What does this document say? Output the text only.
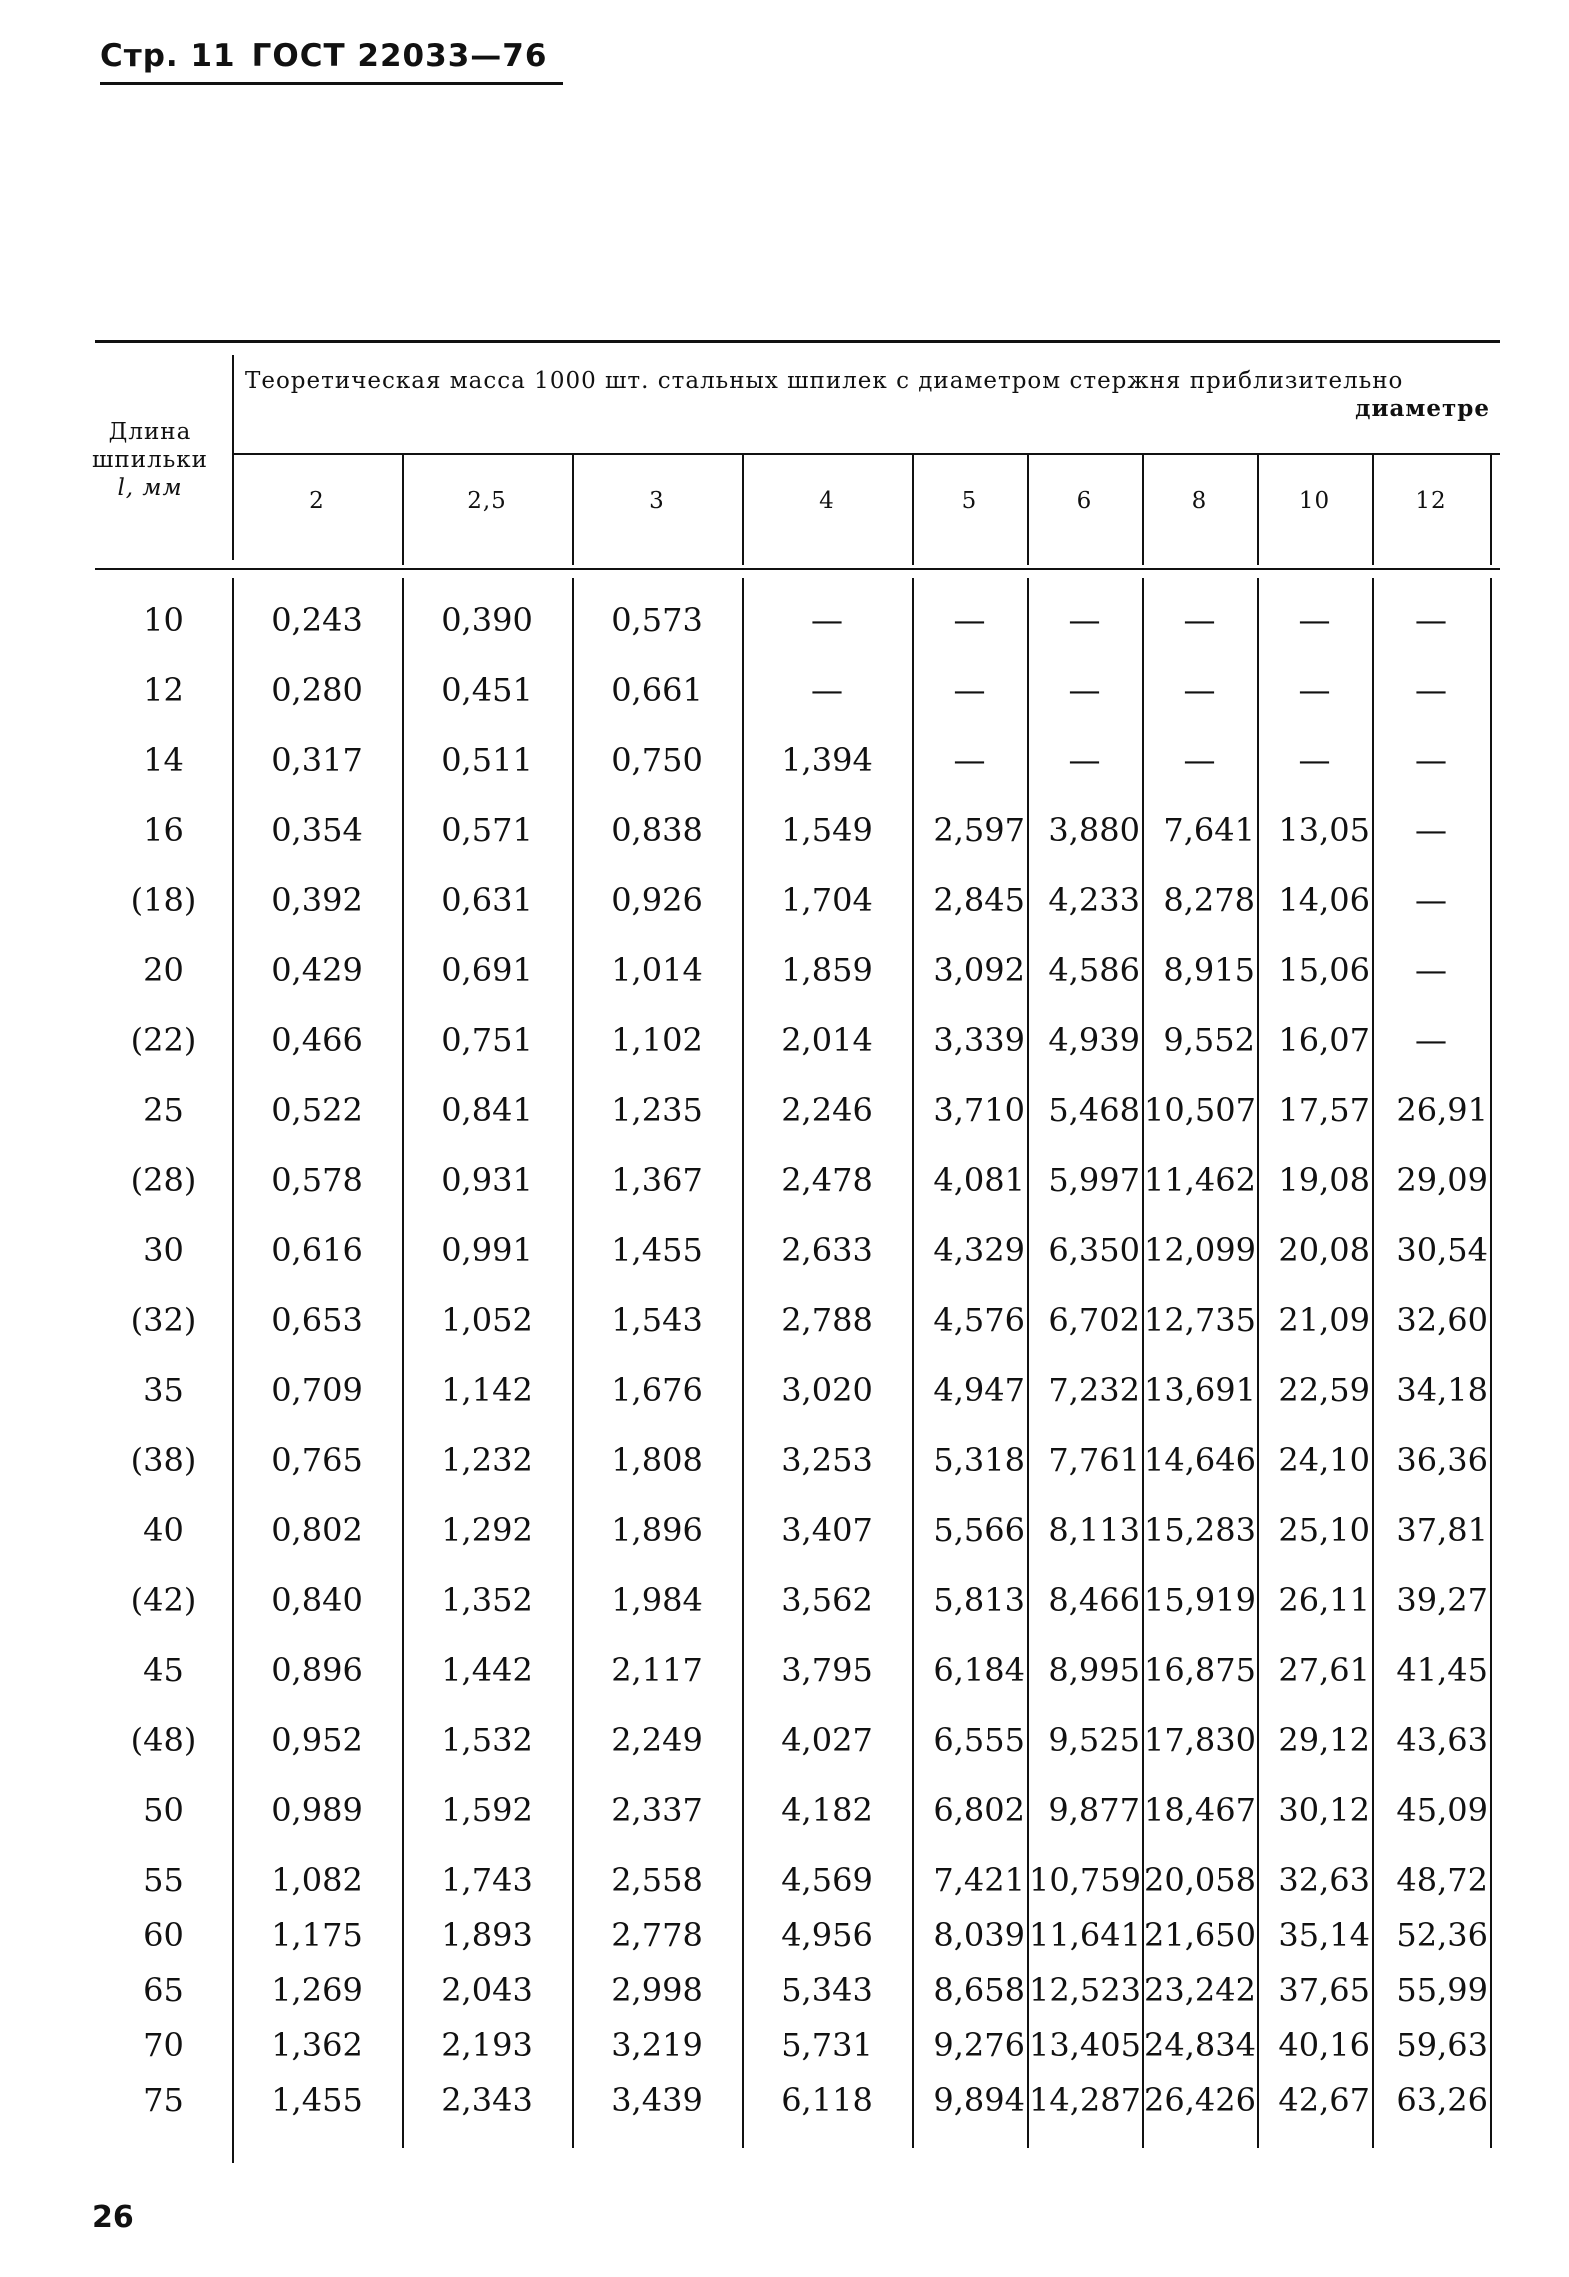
Стр. 11 ГОСТ 22033—76
Длина
шпильки
l, мм
Теоретическая масса 1000 шт. стальных шпилек с диаметром стержня приблизительно
диаметре
2	2,5	3	4	5	6	8	10	12
10	0,243	0,390	0,573	—	—	—	—	—	—
12	0,280	0,451	0,661	—	—	—	—	—	—
14	0,317	0,511	0,750	1,394	—	—	—	—	—
16	0,354	0,571	0,838	1,549	2,597 3,880 7,641 13,05	—
(18)	0,392	0,631	0,926	1,704	2,845 4,233 8,278 14,06	—
20	0,429	0,691	1,014	1,859	3,092 4,586 8,915 15,06	—
(22)	0,466	0,751	1,102	2,014	3,339 4,939 9,552 16,07	—
25	0,522	0,841	1,235	2,246	3,710 5,468 10,507 17,57 26,91
(28)	0,578	0,931	1,367	2,478	4,081 5,997 11,462 19,08 29,09
30	0,616	0,991	1,455	2,633	4,329 6,350 12,099 20,08 30,54
(32)	0,653	1,052	1,543	2,788	4,576 6,702 12,735 21,09 32,60
35	0,709	1,142	1,676	3,020	4,947 7,232 13,691 22,59 34,18
(38)	0,765	1,232	1,808	3,253	5,318 7,761 14,646 24,10 36,36
40	0,802	1,292	1,896	3,407	5,566 8,113 15,283 25,10 37,81
(42)	0,840	1,352	1,984	3,562	5,813 8,466 15,919 26,11 39,27
45	0,896	1,442	2,117	3,795	6,184 8,995 16,875 27,61 41,45
(48)	0,952	1,532	2,249	4,027	6,555 9,525 17,830 29,12 43,63
50	0,989	1,592	2,337	4,182	6,802 9,877 18,467 30,12 45,09
55	1,082	1,743	2,558	4,569	7,421 10,759 20,058 32,63 48,72
60	1,175	1,893	2,778	4,956	8,039 11,641 21,650 35,14 52,36
65	1,269	2,043	2,998	5,343	8,658 12,523 23,242 37,65 55,99
70	1,362	2,193	3,219	5,731	9,276 13,405 24,834 40,16 59,63
75	1,455	2,343	3,439	6,118	9,894 14,287 26,426 42,67 63,26
26
